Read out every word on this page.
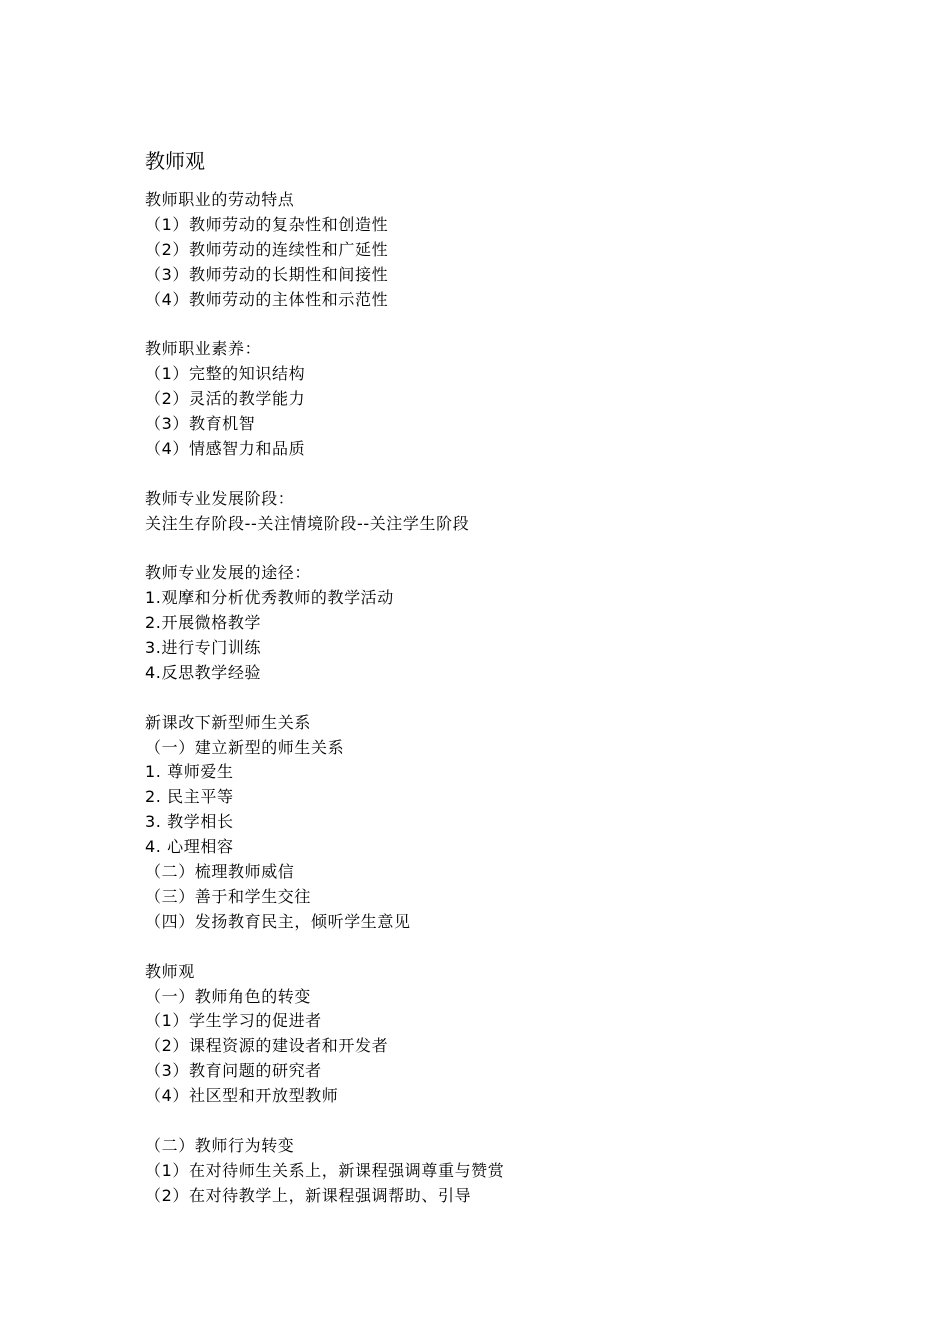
教师观
教师职业的劳动特点
（1）教师劳动的复杂性和创造性
（2）教师劳动的连续性和广延性
（3）教师劳动的长期性和间接性
（4）教师劳动的主体性和示范性
教师职业素养：
（1）完整的知识结构
（2）灵活的教学能力
（3）教育机智
（4）情感智力和品质
教师专业发展阶段：
关注生存阶段--关注情境阶段--关注学生阶段
教师专业发展的途径：
1.观摩和分析优秀教师的教学活动
2.开展微格教学
3.进行专门训练
4.反思教学经验
新课改下新型师生关系
（一）建立新型的师生关系
1. 尊师爱生
2. 民主平等
3. 教学相长
4. 心理相容
（二）梳理教师威信
（三）善于和学生交往
（四）发扬教育民主，倾听学生意见
教师观
（一）教师角色的转变
（1）学生学习的促进者
（2）课程资源的建设者和开发者
（3）教育问题的研究者
（4）社区型和开放型教师
（二）教师行为转变
（1）在对待师生关系上，新课程强调尊重与赞赏
（2）在对待教学上，新课程强调帮助、引导
